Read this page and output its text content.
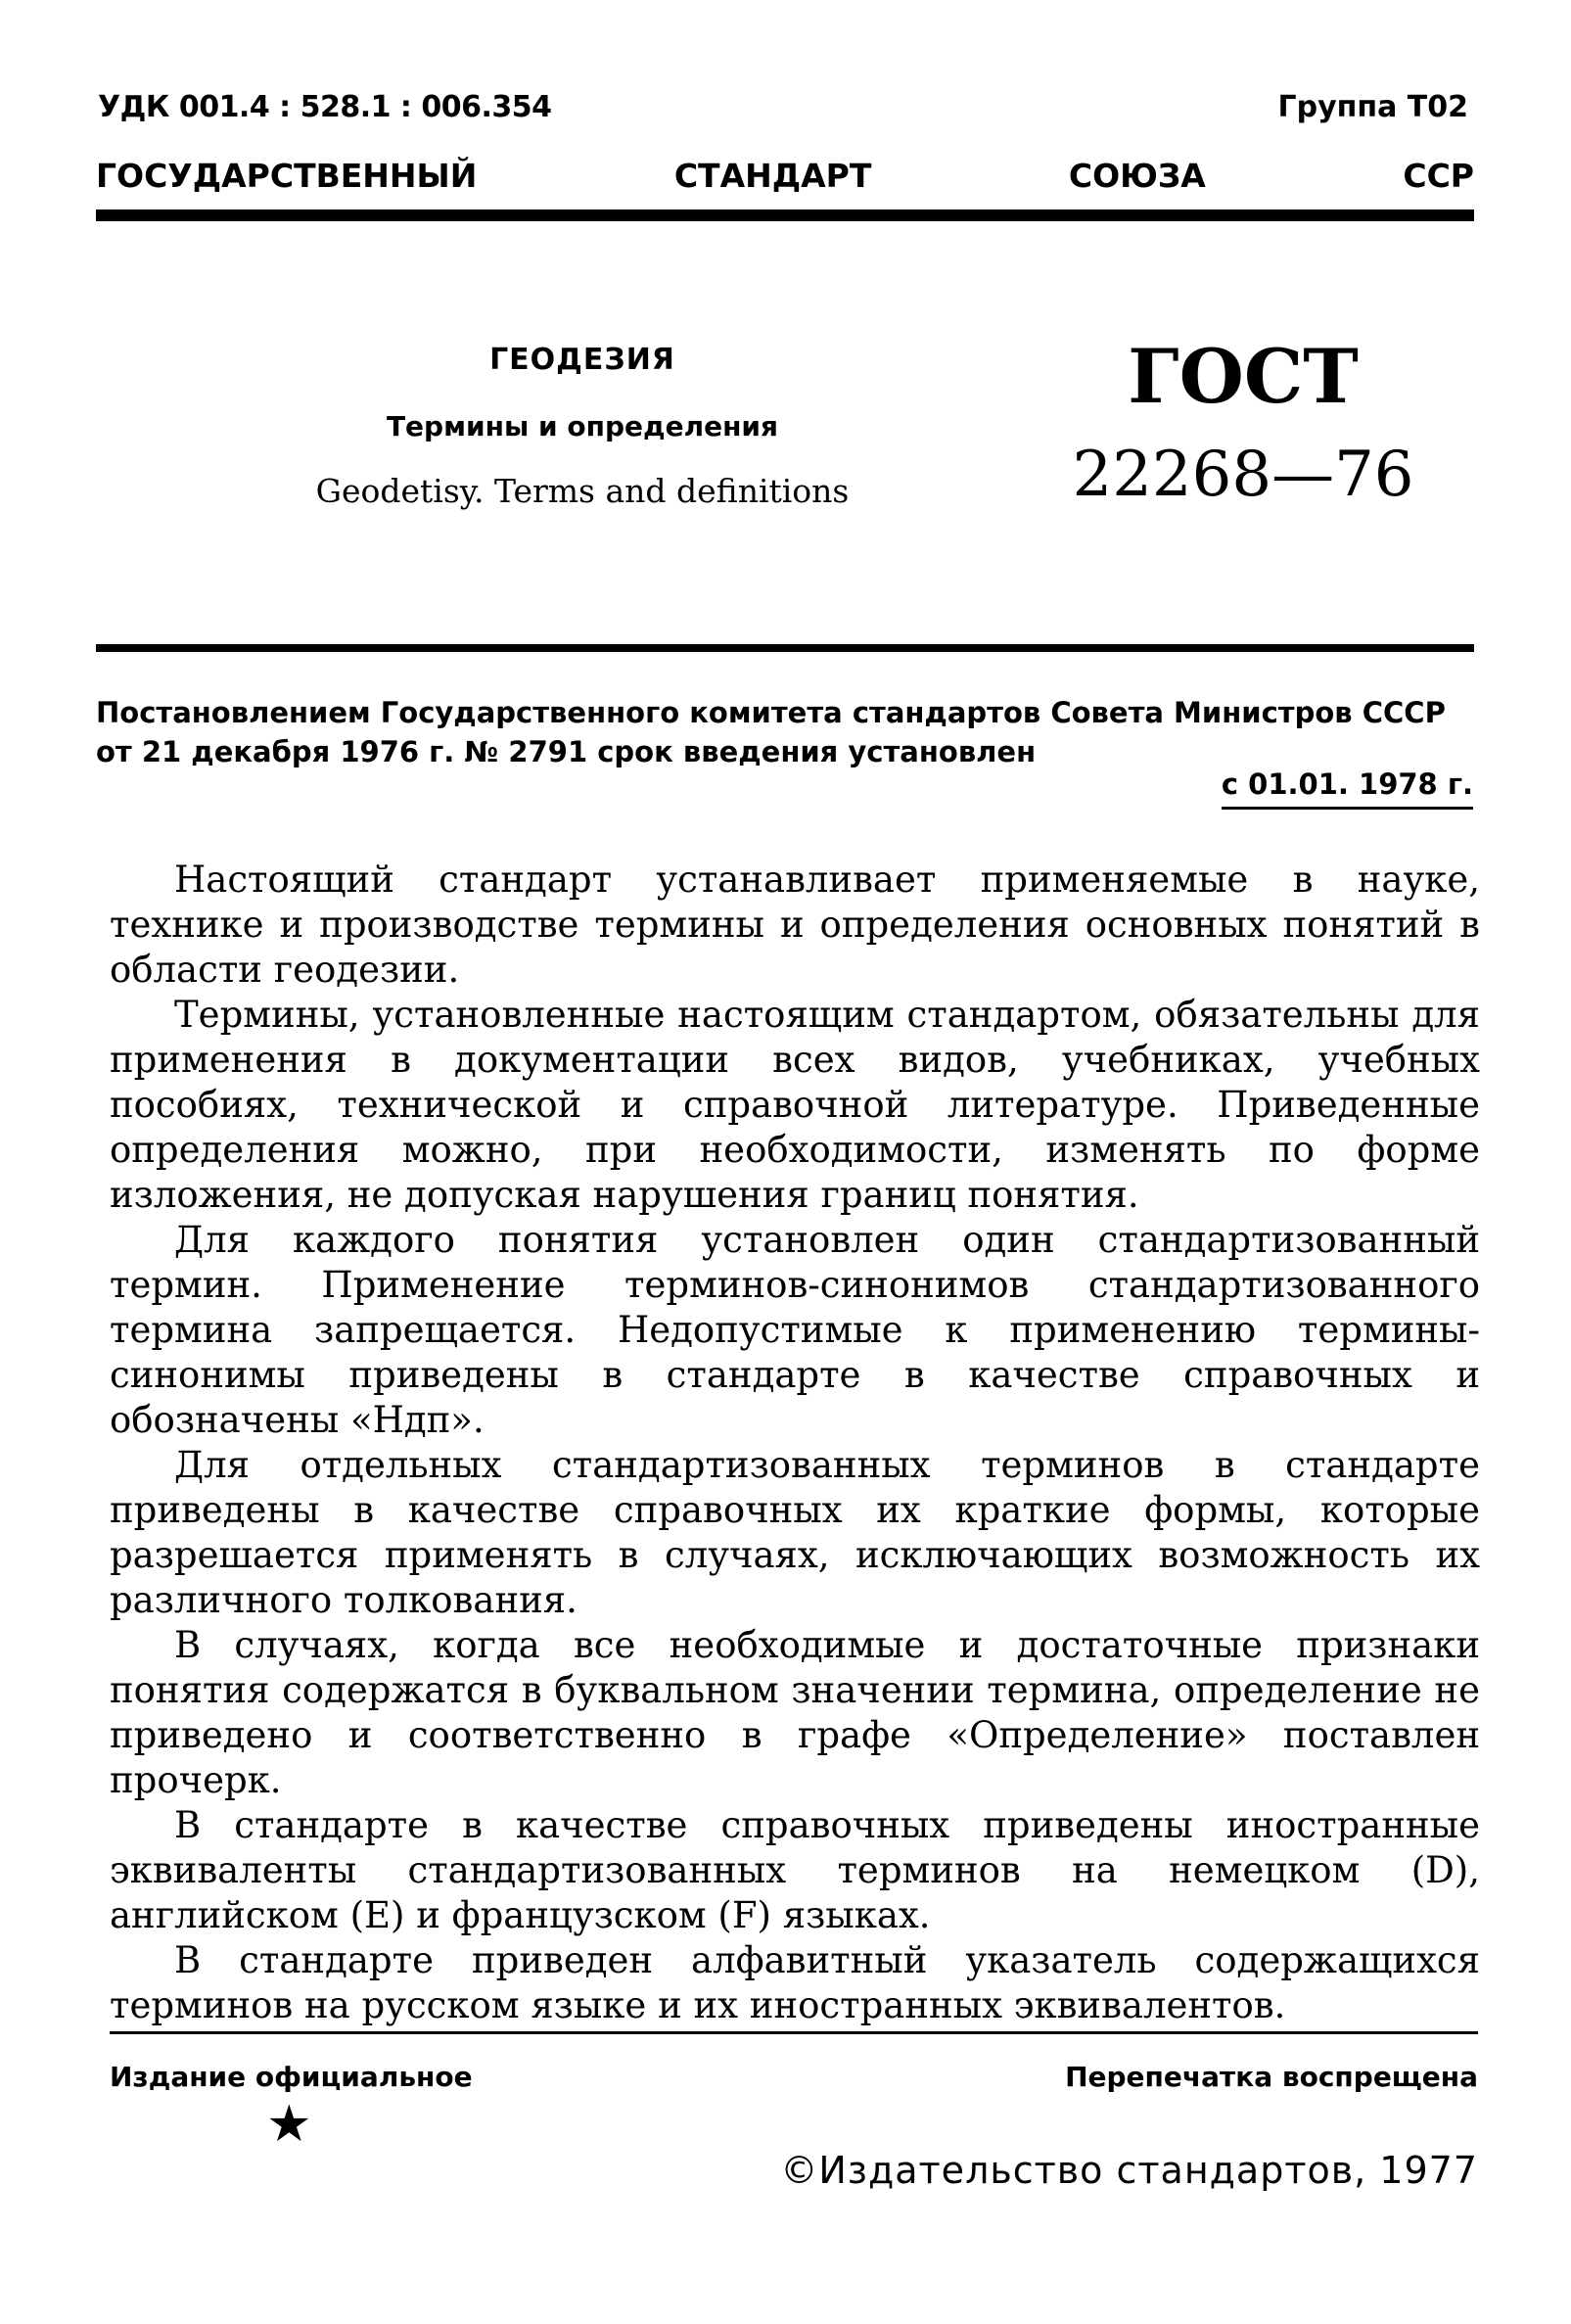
УДК 001.4 : 528.1 : 006.354	Группа Т02
ГОСУДАРСТВЕННЫЙ	СТАНДАРТ	СОЮЗА	ССР
ГЕОДЕЗИЯ
Термины и определения
Geodetisy. Terms and definitions
ГОСТ
22268—76
Постановлением Государственного комитета стандартов Совета Министров СССР от 21 декабря 1976 г. № 2791 срок введения установлен
с 01.01. 1978 г.

Настоящий стандарт устанавливает применяемые в науке, технике и производстве термины и определения основных понятий в области геодезии.

Термины, установленные настоящим стандартом, обязательны для применения в документации всех видов, учебниках, учебных пособиях, технической и справочной литературе. Приведенные определения можно, при необходимости, изменять по форме изложения, не допуская нарушения границ понятия.

Для каждого понятия установлен один стандартизованный термин. Применение терминов-синонимов стандартизованного термина запрещается. Недопустимые к применению термины-синонимы приведены в стандарте в качестве справочных и обозначены «Ндп».

Для отдельных стандартизованных терминов в стандарте приведены в качестве справочных их краткие формы, которые разрешается применять в случаях, исключающих возможность их различного толкования.

В случаях, когда все необходимые и достаточные признаки понятия содержатся в буквальном значении термина, определение не приведено и соответственно в графе «Определение» поставлен прочерк.

В стандарте в качестве справочных приведены иностранные эквиваленты стандартизованных терминов на немецком (D), английском (E) и французском (F) языках.

В стандарте приведен алфавитный указатель содержащихся терминов на русском языке и их иностранных эквивалентов.

Издание официальное	Перепечатка воспрещена
★
©Издательство стандартов, 1977
